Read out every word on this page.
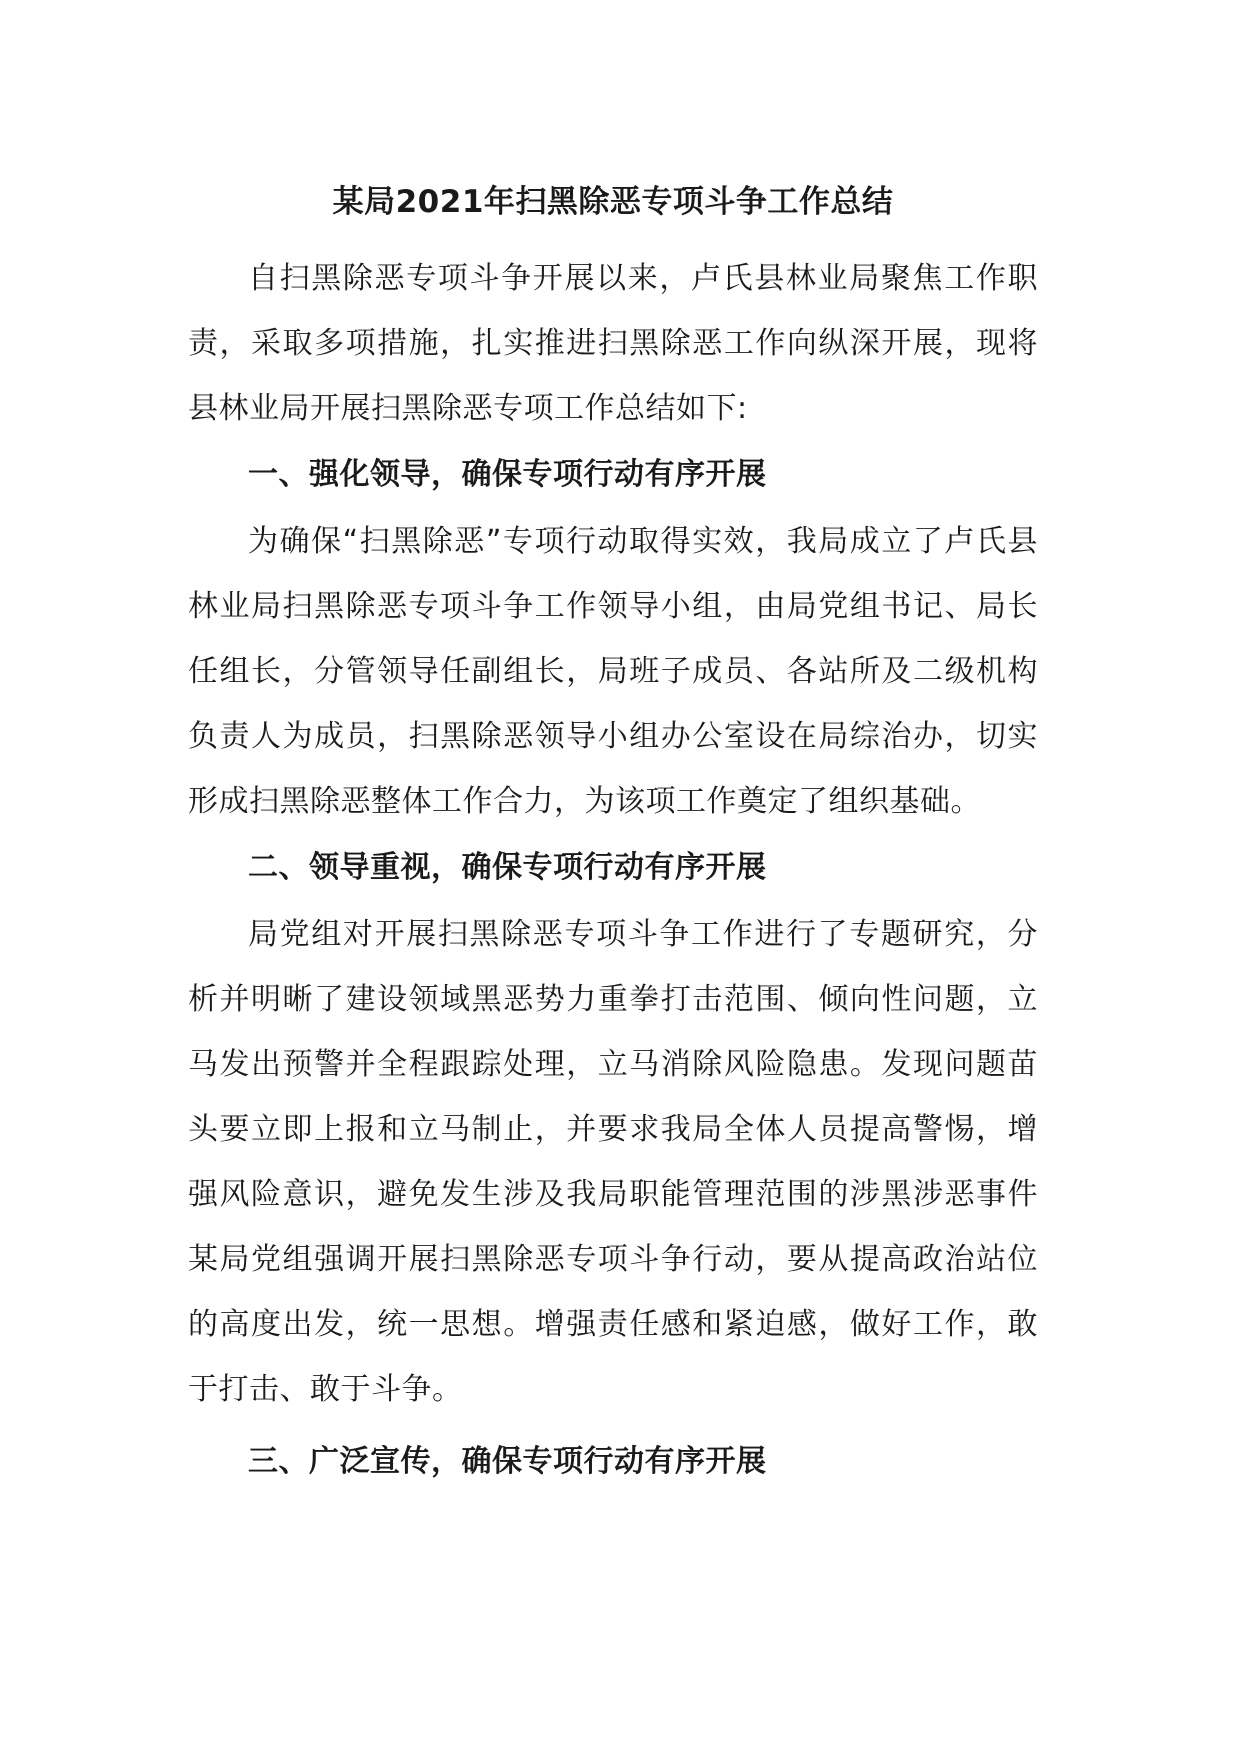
某局2021年扫黑除恶专项斗争工作总结

自扫黑除恶专项斗争开展以来，卢氏县林业局聚焦工作职责，采取多项措施，扎实推进扫黑除恶工作向纵深开展，现将县林业局开展扫黑除恶专项工作总结如下:

一、强化领导，确保专项行动有序开展

为确保“扫黑除恶”专项行动取得实效，我局成立了卢氏县林业局扫黑除恶专项斗争工作领导小组，由局党组书记、局长任组长，分管领导任副组长，局班子成员、各站所及二级机构负责人为成员，扫黑除恶领导小组办公室设在局综治办，切实形成扫黑除恶整体工作合力，为该项工作奠定了组织基础。

二、领导重视，确保专项行动有序开展

局党组对开展扫黑除恶专项斗争工作进行了专题研究，分析并明晰了建设领域黑恶势力重拳打击范围、倾向性问题，立马发出预警并全程跟踪处理，立马消除风险隐患。发现问题苗头要立即上报和立马制止，并要求我局全体人员提高警惕，增强风险意识，避免发生涉及我局职能管理范围的涉黑涉恶事件某局党组强调开展扫黑除恶专项斗争行动，要从提高政治站位的高度出发，统一思想。增强责任感和紧迫感，做好工作，敢于打击、敢于斗争。

三、广泛宣传，确保专项行动有序开展
